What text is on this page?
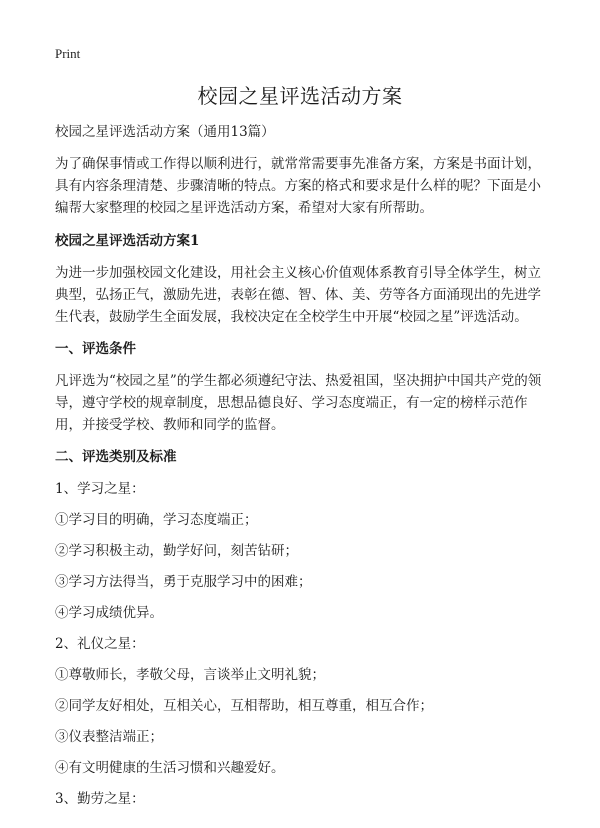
Print
校园之星评选活动方案

校园之星评选活动方案（通用13篇）

为了确保事情或工作得以顺利进行，就常常需要事先准备方案，方案是书面计划，具有内容条理清楚、步骤清晰的特点。方案的格式和要求是什么样的呢？下面是小编帮大家整理的校园之星评选活动方案，希望对大家有所帮助。

校园之星评选活动方案1

为进一步加强校园文化建设，用社会主义核心价值观体系教育引导全体学生，树立典型，弘扬正气，激励先进，表彰在德、智、体、美、劳等各方面涌现出的先进学生代表，鼓励学生全面发展，我校决定在全校学生中开展“校园之星”评选活动。

一、评选条件

凡评选为“校园之星”的学生都必须遵纪守法、热爱祖国，坚决拥护中国共产党的领导，遵守学校的规章制度，思想品德良好、学习态度端正，有一定的榜样示范作用，并接受学校、教师和同学的监督。

二、评选类别及标准

1、学习之星：

①学习目的明确，学习态度端正；

②学习积极主动，勤学好问，刻苦钻研；

③学习方法得当，勇于克服学习中的困难；

④学习成绩优异。

2、礼仪之星：

①尊敬师长，孝敬父母，言谈举止文明礼貌；

②同学友好相处，互相关心，互相帮助，相互尊重，相互合作；

③仪表整洁端正；

④有文明健康的生活习惯和兴趣爱好。

3、勤劳之星：
